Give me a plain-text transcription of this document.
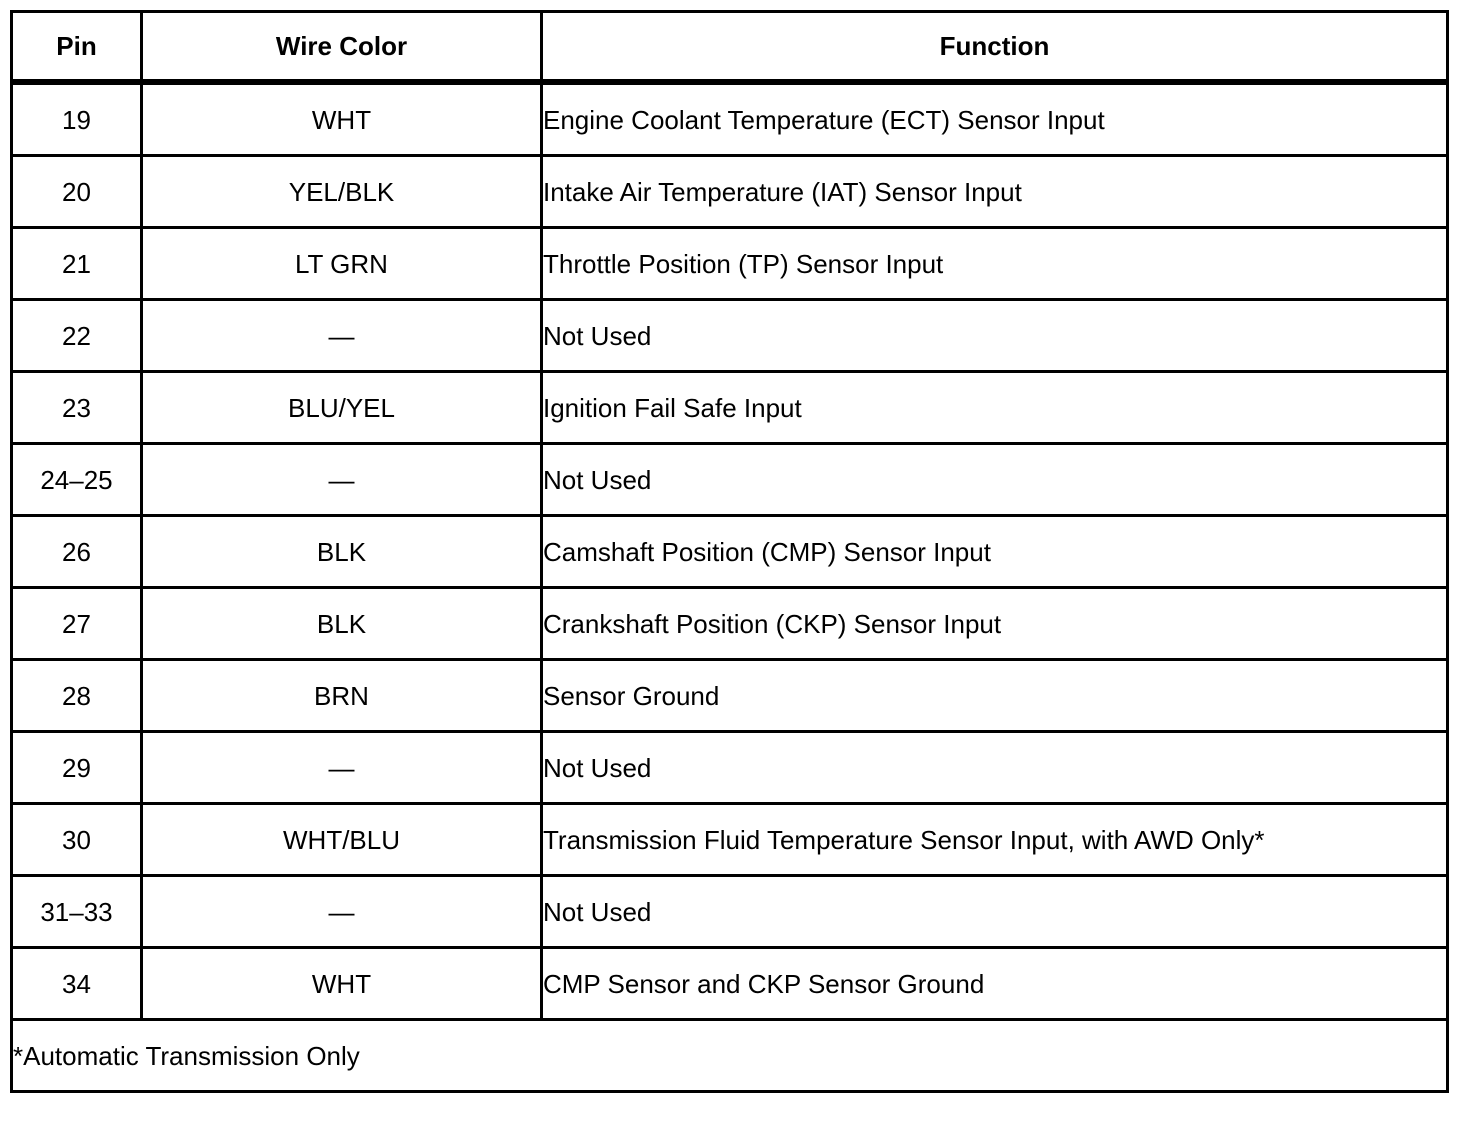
Pin	Wire Color	Function
19	WHT	Engine Coolant Temperature (ECT) Sensor Input
20	YEL/BLK	Intake Air Temperature (IAT) Sensor Input
21	LT GRN	Throttle Position (TP) Sensor Input
22	—	Not Used
23	BLU/YEL	Ignition Fail Safe Input
24–25	—	Not Used
26	BLK	Camshaft Position (CMP) Sensor Input
27	BLK	Crankshaft Position (CKP) Sensor Input
28	BRN	Sensor Ground
29	—	Not Used
30	WHT/BLU	Transmission Fluid Temperature Sensor Input, with AWD Only*
31–33	—	Not Used
34	WHT	CMP Sensor and CKP Sensor Ground
*Automatic Transmission Only		
